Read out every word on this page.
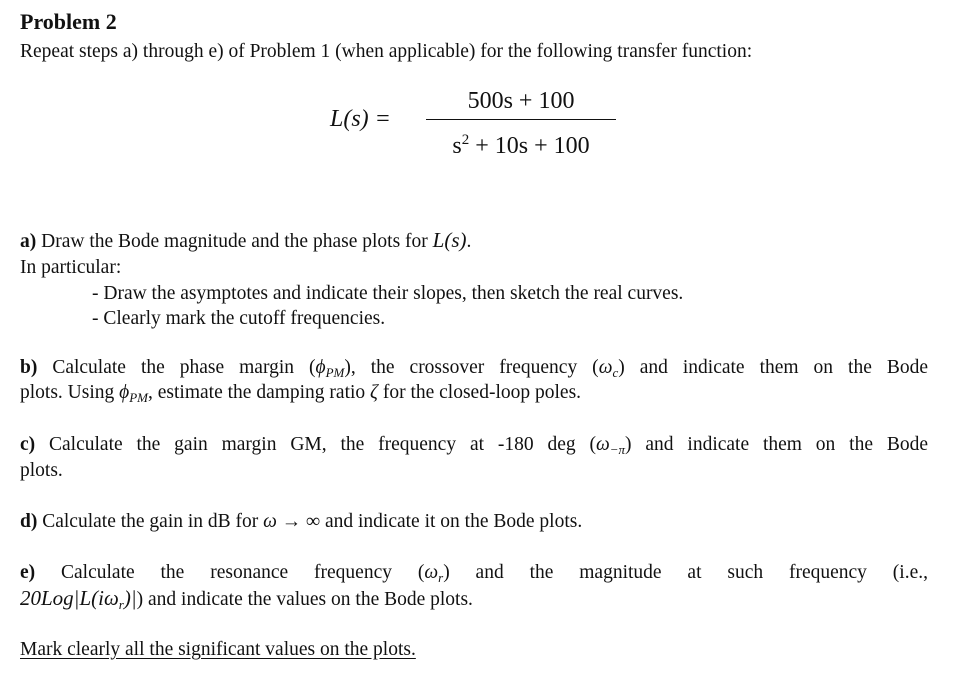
Problem 2
Repeat steps a) through e) of Problem 1 (when applicable) for the following transfer function:
L(s) =
500s + 100
$s^2 + 10s + 100$
a) Draw the Bode magnitude and the phase plots for L(s).
In particular:
- Draw the asymptotes and indicate their slopes, then sketch the real curves.
- Clearly mark the cutoff frequencies.
b) Calculate the phase margin $(\phi_{PM})$, the crossover frequency $(\omega_c)$ and indicate them on the Bode
plots. Using $\phi_{PM}$, estimate the damping ratio ζ for the closed-loop poles.
c) Calculate the gain margin GM, the frequency at -180 deg $(\omega_{-\pi})$ and indicate them on the Bode
plots.
d) Calculate the gain in dB for ω → ∞ and indicate it on the Bode plots.
e) Calculate the resonance frequency $(\omega_r)$ and the magnitude at such frequency (i.e.,
$20Log|L(i\omega_r)|$) and indicate the values on the Bode plots.
Mark clearly all the significant values on the plots.
